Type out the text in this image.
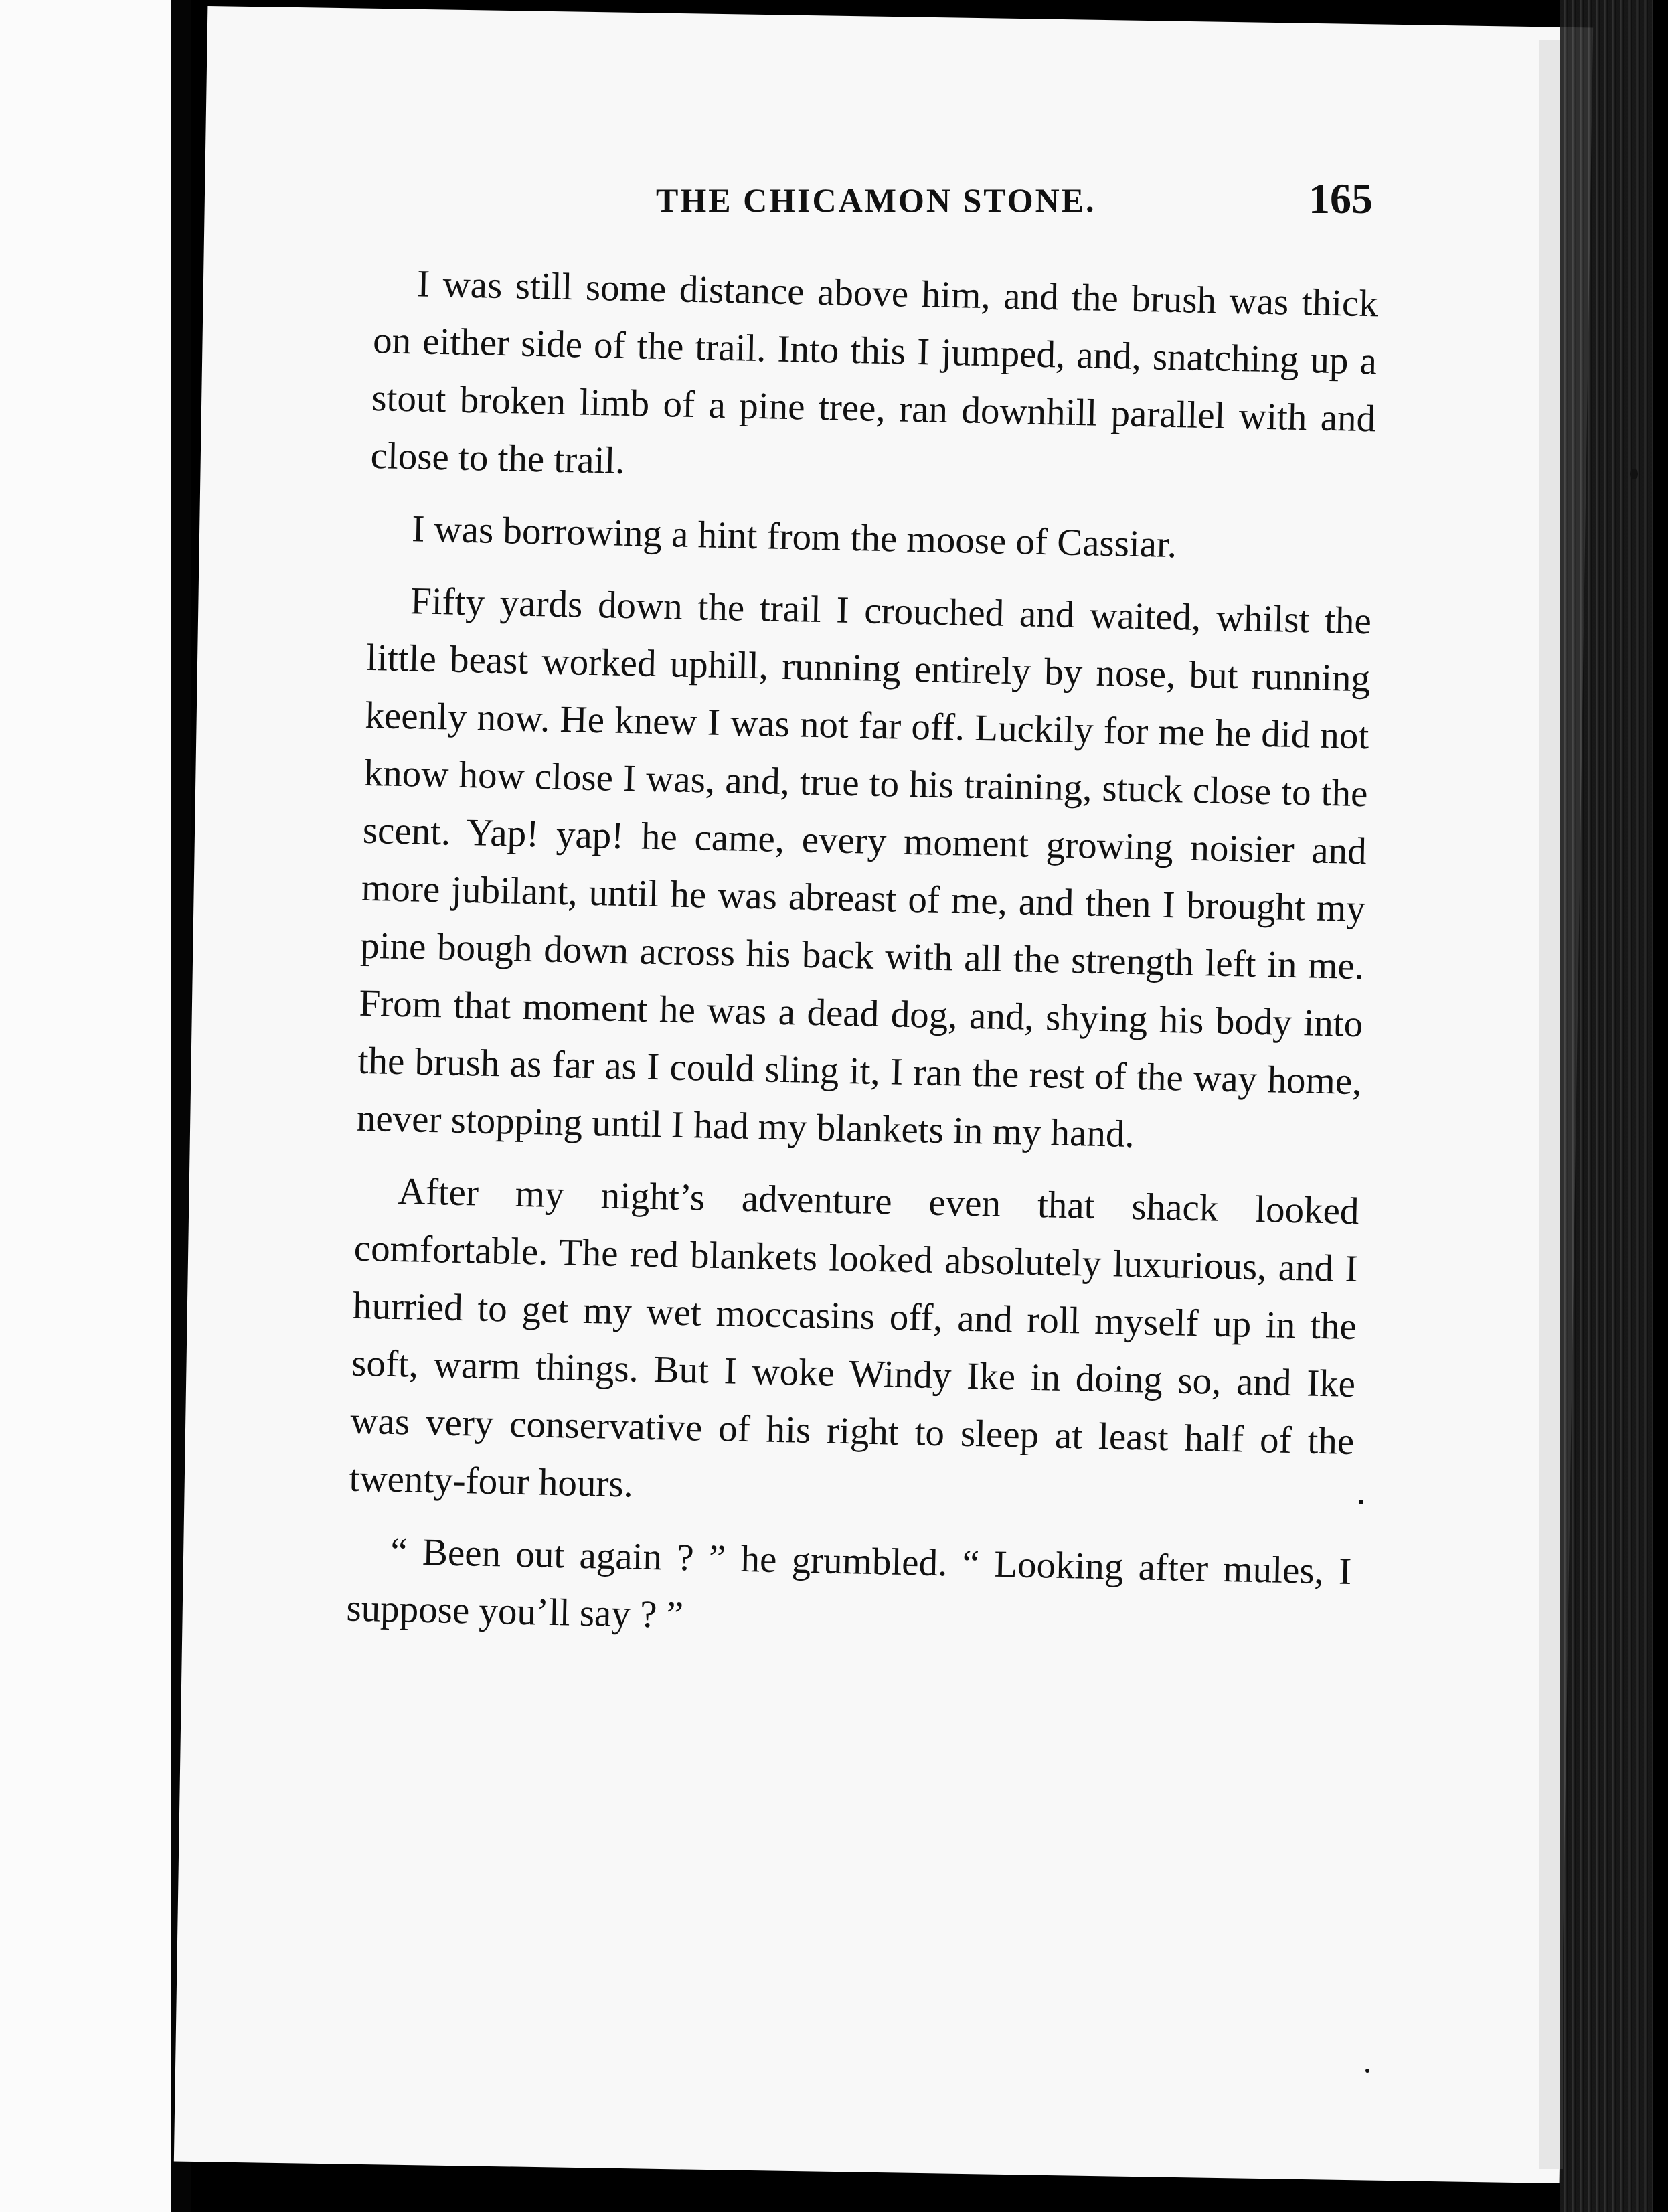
THE CHICAMON STONE.	165

I was still some distance above him, and the brush was thick on either side of the trail. Into this I jumped, and, snatching up a stout broken limb of a pine tree, ran downhill parallel with and close to the trail.

I was borrowing a hint from the moose of Cassiar.

Fifty yards down the trail I crouched and waited, whilst the little beast worked uphill, running entirely by nose, but running keenly now. He knew I was not far off. Luckily for me he did not know how close I was, and, true to his training, stuck close to the scent. Yap! yap! he came, every moment growing noisier and more jubilant, until he was abreast of me, and then I brought my pine bough down across his back with all the strength left in me. From that moment he was a dead dog, and, shying his body into the brush as far as I could sling it, I ran the rest of the way home, never stopping until I had my blankets in my hand.

After my night’s adventure even that shack looked comfortable. The red blankets looked absolutely luxurious, and I hurried to get my wet moccasins off, and roll myself up in the soft, warm things. But I woke Windy Ike in doing so, and Ike was very conservative of his right to sleep at least half of the twenty-four hours.

“ Been out again ? ” he grumbled. “ Looking after mules, I suppose you’ll say ? ”
